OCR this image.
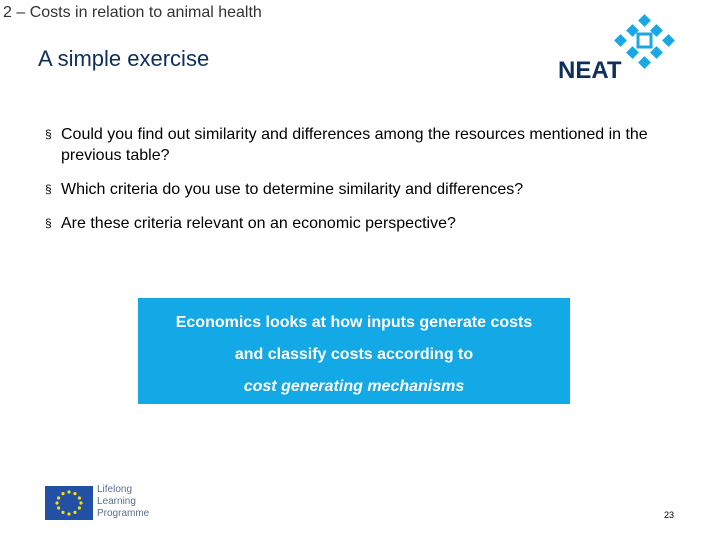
2 – Costs in relation to animal health
A simple exercise	NEAT
§ Could you find out similarity and differences among the resources mentioned in the previous table?
§ Which criteria do you use to determine similarity and differences?
§ Are these criteria relevant on an economic perspective?
Economics looks at how inputs generate costs
and classify costs according to
cost generating mechanisms
Lifelong
Learning
Programme	23
